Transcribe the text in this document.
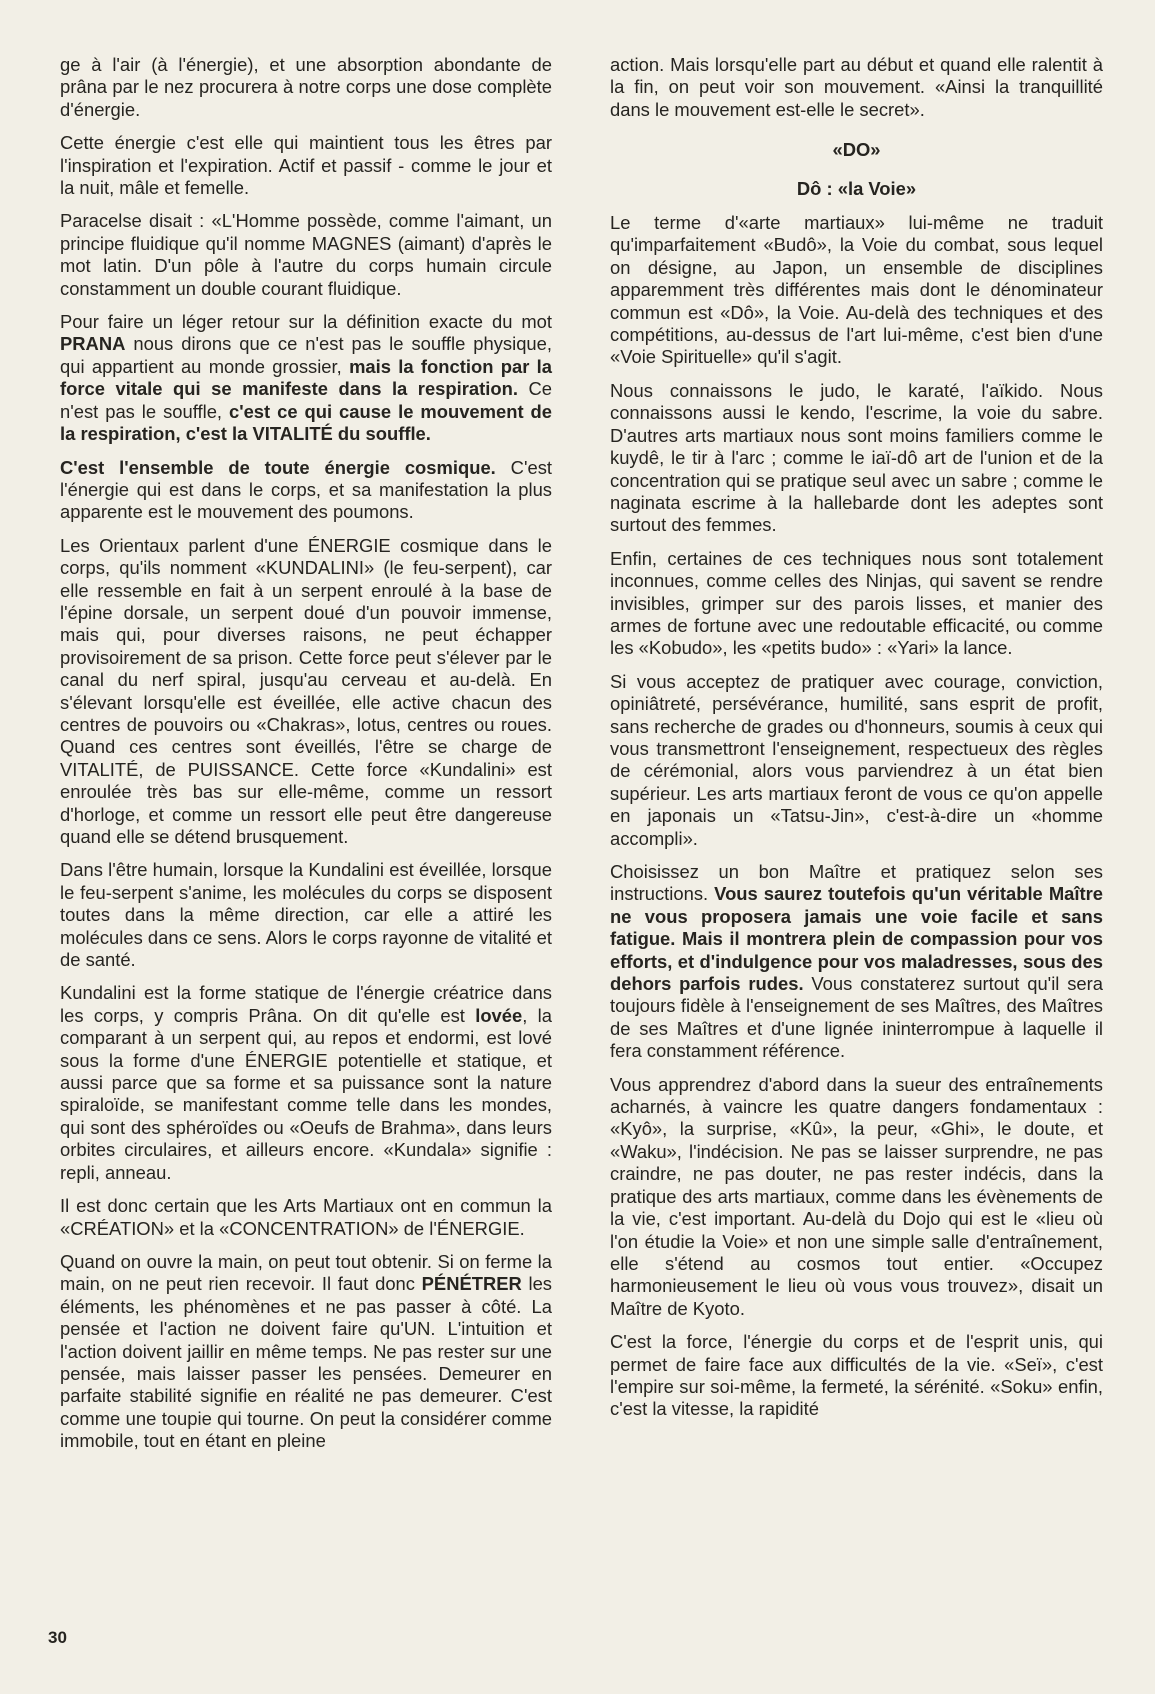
ge à l'air (à l'énergie), et une absorption abondante de prâna par le nez procurera à notre corps une dose complète d'énergie.

Cette énergie c'est elle qui maintient tous les êtres par l'inspiration et l'expiration. Actif et passif - comme le jour et la nuit, mâle et femelle.

Paracelse disait : «L'Homme possède, comme l'aimant, un principe fluidique qu'il nomme MAGNES (aimant) d'après le mot latin. D'un pôle à l'autre du corps humain circule constamment un double courant fluidique.

Pour faire un léger retour sur la définition exacte du mot PRANA nous dirons que ce n'est pas le souffle physique, qui appartient au monde grossier, mais la fonction par la force vitale qui se manifeste dans la respiration. Ce n'est pas le souffle, c'est ce qui cause le mouvement de la respiration, c'est la VITALITÉ du souffle.

C'est l'ensemble de toute énergie cosmique. C'est l'énergie qui est dans le corps, et sa manifestation la plus apparente est le mouvement des poumons.

Les Orientaux parlent d'une ÉNERGIE cosmique dans le corps, qu'ils nomment «KUNDALINI» (le feu-serpent), car elle ressemble en fait à un serpent enroulé à la base de l'épine dorsale, un serpent doué d'un pouvoir immense, mais qui, pour diverses raisons, ne peut échapper provisoirement de sa prison. Cette force peut s'élever par le canal du nerf spiral, jusqu'au cerveau et au-delà. En s'élevant lorsqu'elle est éveillée, elle active chacun des centres de pouvoirs ou «Chakras», lotus, centres ou roues. Quand ces centres sont éveillés, l'être se charge de VITALITÉ, de PUISSANCE. Cette force «Kundalini» est enroulée très bas sur elle-même, comme un ressort d'horloge, et comme un ressort elle peut être dangereuse quand elle se détend brusquement.

Dans l'être humain, lorsque la Kundalini est éveillée, lorsque le feu-serpent s'anime, les molécules du corps se disposent toutes dans la même direction, car elle a attiré les molécules dans ce sens. Alors le corps rayonne de vitalité et de santé.

Kundalini est la forme statique de l'énergie créatrice dans les corps, y compris Prâna. On dit qu'elle est lovée, la comparant à un serpent qui, au repos et endormi, est lové sous la forme d'une ÉNERGIE potentielle et statique, et aussi parce que sa forme et sa puissance sont la nature spiraloïde, se manifestant comme telle dans les mondes, qui sont des sphéroïdes ou «Oeufs de Brahma», dans leurs orbites circulaires, et ailleurs encore. «Kundala» signifie : repli, anneau.

Il est donc certain que les Arts Martiaux ont en commun la «CRÉATION» et la «CONCENTRATION» de l'ÉNERGIE.

Quand on ouvre la main, on peut tout obtenir. Si on ferme la main, on ne peut rien recevoir. Il faut donc PÉNÉTRER les éléments, les phénomènes et ne pas passer à côté. La pensée et l'action ne doivent faire qu'UN. L'intuition et l'action doivent jaillir en même temps. Ne pas rester sur une pensée, mais laisser passer les pensées. Demeurer en parfaite stabilité signifie en réalité ne pas demeurer. C'est comme une toupie qui tourne. On peut la considérer comme immobile, tout en étant en pleine

action. Mais lorsqu'elle part au début et quand elle ralentit à la fin, on peut voir son mouvement. «Ainsi la tranquillité dans le mouvement est-elle le secret».

«DO»
Dô : «la Voie»

Le terme d'«arte martiaux» lui-même ne traduit qu'imparfaitement «Budô», la Voie du combat, sous lequel on désigne, au Japon, un ensemble de disciplines apparemment très différentes mais dont le dénominateur commun est «Dô», la Voie. Au-delà des techniques et des compétitions, au-dessus de l'art lui-même, c'est bien d'une «Voie Spirituelle» qu'il s'agit.

Nous connaissons le judo, le karaté, l'aïkido. Nous connaissons aussi le kendo, l'escrime, la voie du sabre. D'autres arts martiaux nous sont moins familiers comme le kuydê, le tir à l'arc ; comme le iaï-dô art de l'union et de la concentration qui se pratique seul avec un sabre ; comme le naginata escrime à la hallebarde dont les adeptes sont surtout des femmes.

Enfin, certaines de ces techniques nous sont totalement inconnues, comme celles des Ninjas, qui savent se rendre invisibles, grimper sur des parois lisses, et manier des armes de fortune avec une redoutable efficacité, ou comme les «Kobudo», les «petits budo» : «Yari» la lance.

Si vous acceptez de pratiquer avec courage, conviction, opiniâtreté, persévérance, humilité, sans esprit de profit, sans recherche de grades ou d'honneurs, soumis à ceux qui vous transmettront l'enseignement, respectueux des règles de cérémonial, alors vous parviendrez à un état bien supérieur. Les arts martiaux feront de vous ce qu'on appelle en japonais un «Tatsu-Jin», c'est-à-dire un «homme accompli».

Choisissez un bon Maître et pratiquez selon ses instructions. Vous saurez toutefois qu'un véritable Maître ne vous proposera jamais une voie facile et sans fatigue. Mais il montrera plein de compassion pour vos efforts, et d'indulgence pour vos maladresses, sous des dehors parfois rudes. Vous constaterez surtout qu'il sera toujours fidèle à l'enseignement de ses Maîtres, des Maîtres de ses Maîtres et d'une lignée ininterrompue à laquelle il fera constamment référence.

Vous apprendrez d'abord dans la sueur des entraînements acharnés, à vaincre les quatre dangers fondamentaux : «Kyô», la surprise, «Kû», la peur, «Ghi», le doute, et «Waku», l'indécision. Ne pas se laisser surprendre, ne pas craindre, ne pas douter, ne pas rester indécis, dans la pratique des arts martiaux, comme dans les évènements de la vie, c'est important. Au-delà du Dojo qui est le «lieu où l'on étudie la Voie» et non une simple salle d'entraînement, elle s'étend au cosmos tout entier. «Occupez harmonieusement le lieu où vous vous trouvez», disait un Maître de Kyoto.

C'est la force, l'énergie du corps et de l'esprit unis, qui permet de faire face aux difficultés de la vie. «Seï», c'est l'empire sur soi-même, la fermeté, la sérénité. «Soku» enfin, c'est la vitesse, la rapidité

30
